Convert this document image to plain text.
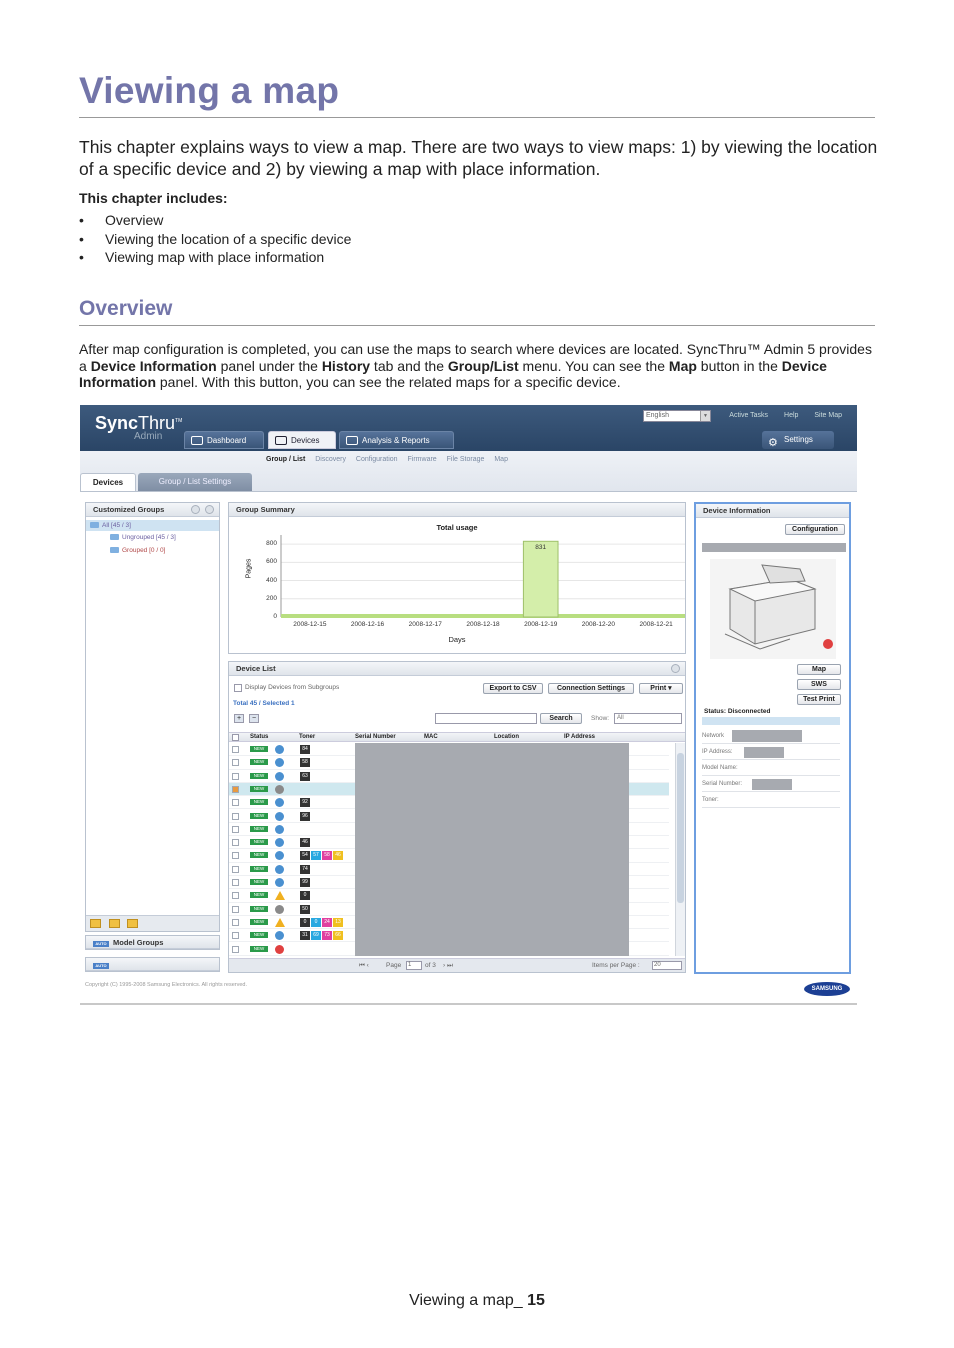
Viewing a map
This chapter explains ways to view a map. There are two ways to view maps: 1) by viewing the location of a specific device and 2) by viewing a map with place information.
This chapter includes:
• Overview
• Viewing the location of a specific device
• Viewing map with place information
Overview
After map configuration is completed, you can use the maps to search where devices are located. SyncThru™ Admin 5 provides a Device Information panel under the History tab and the Group/List menu. You can see the Map button in the Device Information panel. With this button, you can see the related maps for a specific device.
SyncThru™
Admin
English	▼	Active Tasks Help Site Map
Dashboard	Devices	Analysis & Reports	⚙ Settings
Group / List Discovery Configuration Firmware File Storage Map
Devices	Group / List Settings
Customized Groups
All [45 / 3]
Ungrouped [45 / 3]
Grouped [0 / 0]
AUTO Model Groups
AUTO
Group Summary
Total usage
Pages
0
200
400
600
800
2008-12-15	2008-12-16	2008-12-17	2008-12-18	2008-12-19
831
2008-12-20	2008-12-21
Days
Device List
Display Devices from Subgroups
Total 45 / Selected 1
Export to CSV	Connection Settings	Print ▾
+	−	Search	Show:	All
Status	Toner	Serial Number	MAC	Location	IP Address
NEW	84
NEW	58
NEW	63
NEW
NEW	92
NEW	96
NEW
NEW	46
NEW	54	57	58	46
NEW	74
NEW	99
NEW	0
NEW	50
NEW	0	0	24	13
NEW	31	69	73	66
NEW
⏮ ‹	Page	1	of 3 › ⏭	Items per Page :	20
Device Information
Configuration
Map
SWS
Test Print
Status: Disconnected
Network
IP Address:
Model Name:
Serial Number:
Toner:
Copyright (C) 1995-2008 Samsung Electronics. All rights reserved.
SAMSUNG
Viewing a map_ 15
